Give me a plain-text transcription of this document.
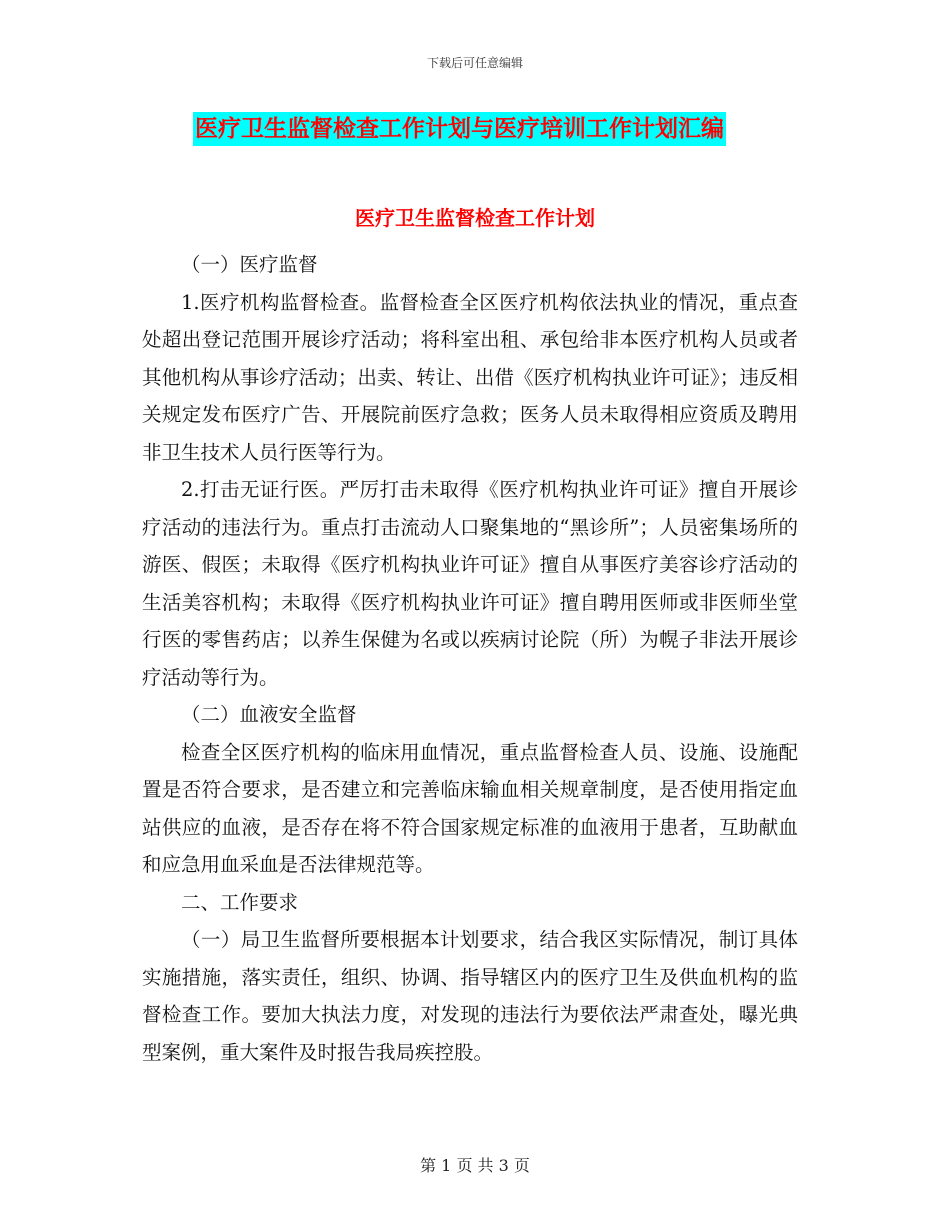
下载后可任意编辑
医疗卫生监督检查工作计划与医疗培训工作计划汇编
医疗卫生监督检查工作计划

（一）医疗监督

1.医疗机构监督检查。监督检查全区医疗机构依法执业的情况，重点查处超出登记范围开展诊疗活动；将科室出租、承包给非本医疗机构人员或者其他机构从事诊疗活动；出卖、转让、出借《医疗机构执业许可证》；违反相关规定发布医疗广告、开展院前医疗急救；医务人员未取得相应资质及聘用非卫生技术人员行医等行为。

2.打击无证行医。严厉打击未取得《医疗机构执业许可证》擅自开展诊疗活动的违法行为。重点打击流动人口聚集地的“黑诊所”；人员密集场所的游医、假医；未取得《医疗机构执业许可证》擅自从事医疗美容诊疗活动的生活美容机构；未取得《医疗机构执业许可证》擅自聘用医师或非医师坐堂行医的零售药店；以养生保健为名或以疾病讨论院（所）为幌子非法开展诊疗活动等行为。

（二）血液安全监督

检查全区医疗机构的临床用血情况，重点监督检查人员、设施、设施配置是否符合要求，是否建立和完善临床输血相关规章制度，是否使用指定血站供应的血液，是否存在将不符合国家规定标准的血液用于患者，互助献血和应急用血采血是否法律规范等。

二、工作要求

（一）局卫生监督所要根据本计划要求，结合我区实际情况，制订具体实施措施，落实责任，组织、协调、指导辖区内的医疗卫生及供血机构的监督检查工作。要加大执法力度，对发现的违法行为要依法严肃查处，曝光典型案例，重大案件及时报告我局疾控股。

第 1 页 共 3 页
